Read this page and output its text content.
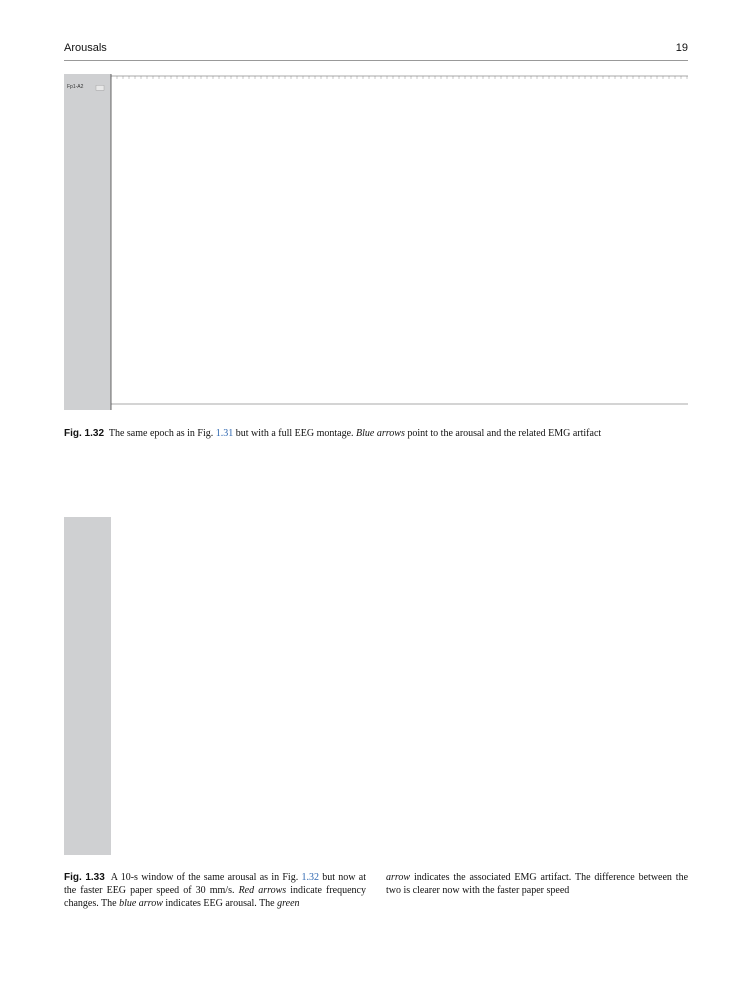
Arousals	19
Fp1-A2
Fig. 1.32 The same epoch as in Fig. 1.31 but with a full EEG montage. Blue arrows point to the arousal and the related EMG artifact
Fig. 1.33 A 10-s window of the same arousal as in Fig. 1.32 but now at the faster EEG paper speed of 30 mm/s. Red arrows indicate frequency changes. The blue arrow indicates EEG arousal. The green
arrow indicates the associated EMG artifact. The difference between the two is clearer now with the faster paper speed
